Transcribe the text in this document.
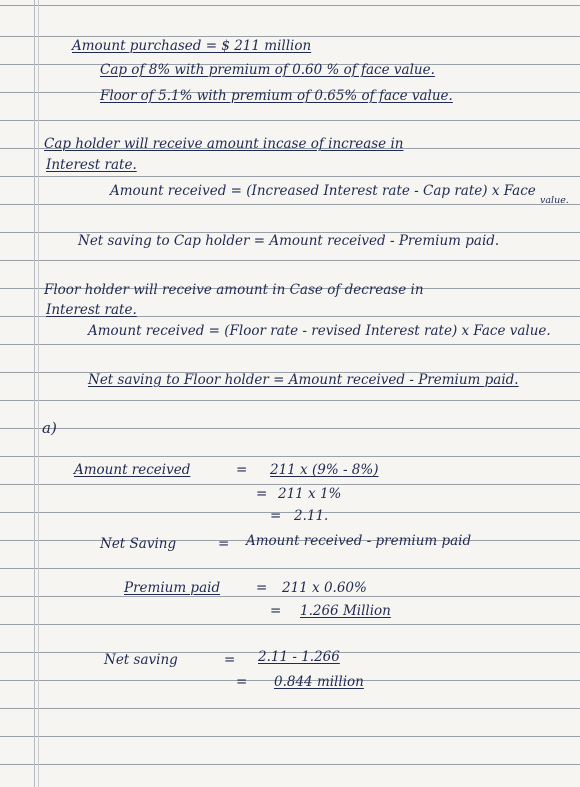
Amount purchased = $ 211 million
Cap of 8% with premium of 0.60 % of face value.
Floor of 5.1% with premium of 0.65% of face value.
Cap holder will receive amount incase of increase in
Interest rate.
Amount received = (Increased Interest rate - Cap rate) x Face
value.
Net saving to Cap holder = Amount received - Premium paid.
Floor holder will receive amount in Case of decrease in
Interest rate.
Amount received = (Floor rate - revised Interest rate) x Face value.
Net saving to Floor holder = Amount received - Premium paid.
a)
Amount received	= 211 x (9% - 8%)
= 211 x 1%
= 2.11.
Net Saving	= Amount received - premium paid
Premium paid	= 211 x 0.60%
= 1.266 Million
Net saving	= 2.11 - 1.266
= 0.844 million
